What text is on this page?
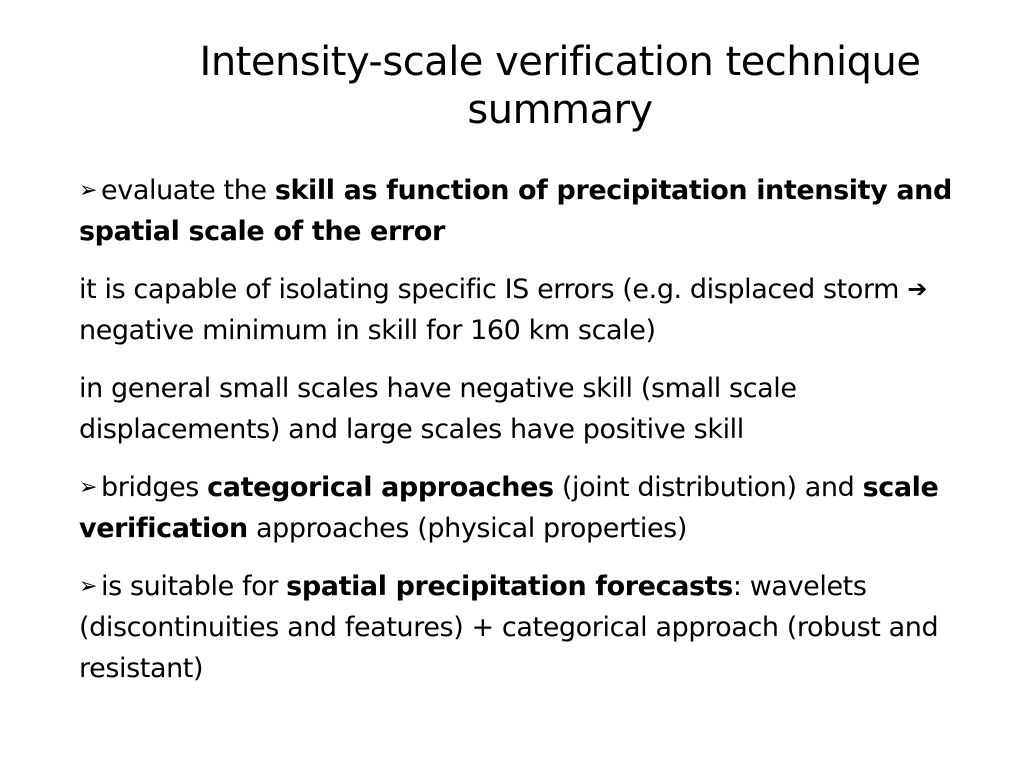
Intensity-scale verification technique
summary
➢ evaluate the skill as function of precipitation intensity and spatial scale of the error
it is capable of isolating specific IS errors (e.g. displaced storm ➔ negative minimum in skill for 160 km scale)
in general small scales have negative skill (small scale displacements) and large scales have positive skill
➢ bridges categorical approaches (joint distribution) and scale verification approaches (physical properties)
➢ is suitable for spatial precipitation forecasts: wavelets (discontinuities and features) + categorical approach (robust and resistant)
